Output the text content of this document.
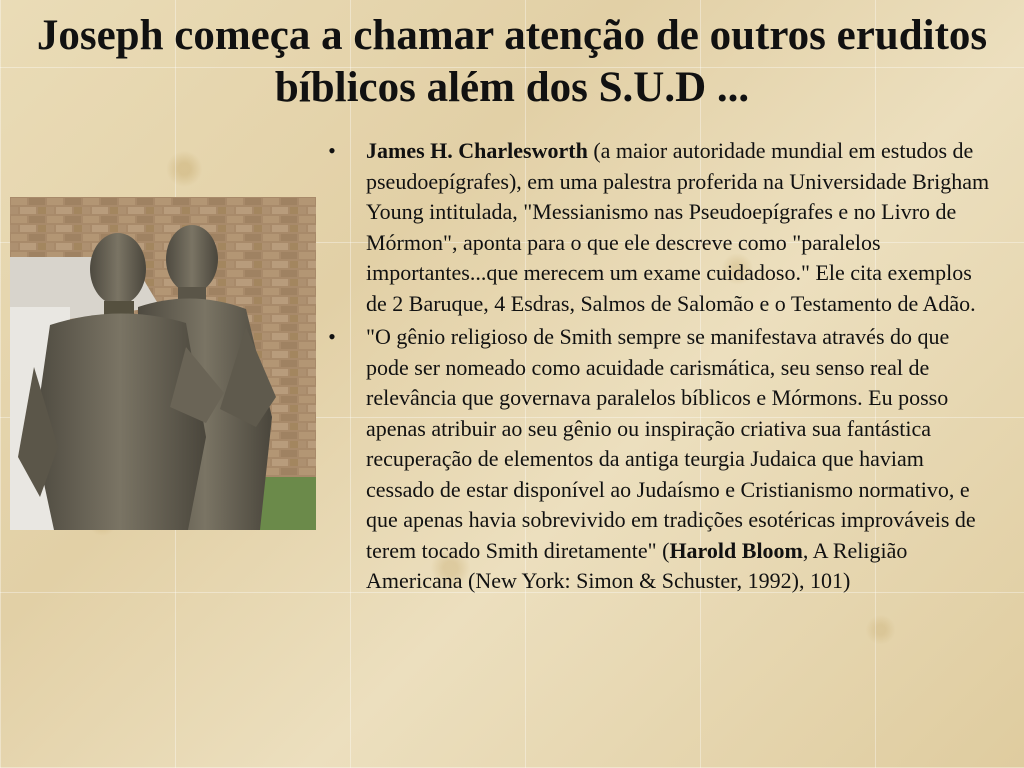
Joseph começa a chamar atenção de outros eruditos bíblicos além dos S.U.D ...
• James H. Charlesworth (a maior autoridade mundial em estudos de pseudoepígrafes), em uma palestra proferida na Universidade Brigham Young intitulada, "Messianismo nas Pseudoepígrafes e no Livro de Mórmon", aponta para o que ele descreve como "paralelos importantes...que merecem um exame cuidadoso." Ele cita exemplos de 2 Baruque, 4 Esdras, Salmos de Salomão e o Testamento de Adão.
• "O gênio religioso de Smith sempre se manifestava através do que pode ser nomeado como acuidade carismática, seu senso real de relevância que governava paralelos bíblicos e Mórmons. Eu posso apenas atribuir ao seu gênio ou inspiração criativa sua fantástica recuperação de elementos da antiga teurgia Judaica que haviam cessado de estar disponível ao Judaísmo e Cristianismo normativo, e que apenas havia sobrevivido em tradições esotéricas improváveis de terem tocado Smith diretamente" (Harold Bloom, A Religião Americana (New York: Simon & Schuster, 1992), 101)
